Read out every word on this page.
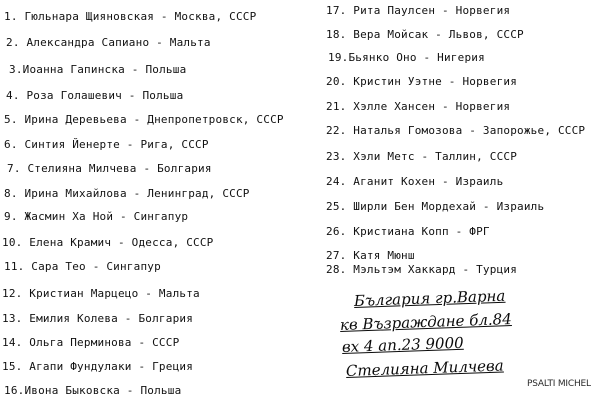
1. Гюльнара Щияновская - Москва, СССР
2. Александра Сапиано - Мальта
3.Иоанна Гапинска - Польша
4. Роза Голашевич - Польша
5. Ирина Деревьева - Днепропетровск, СССР
6. Синтия Йенерте - Рига, СССР
7. Стелияна Милчева - Болгария
8. Ирина Михайлова - Ленинград, СССР
9. Жасмин Ха Ной - Сингапур
10. Елена Крамич - Одесса, СССР
11. Сара Тео - Сингапур
12. Кристиан Марцецо - Мальта
13. Емилия Колева - Болгария
14. Ольга Перминова - СССР
15. Агапи Фундулаки - Греция
16.Ивона Быковска - Польша
17. Рита Паулсен - Норвегия
18. Вера Мойсак - Львов, СССР
19.Бьянко Оно - Нигерия
20. Кристин Уэтне - Норвегия
21. Хэлле Хансен - Норвегия
22. Наталья Гомозова - Запорожье, СССР
23. Хэли Метс - Таллин, СССР
24. Аганит Кохен - Израиль
25. Ширли Бен Мордехай - Израиль
26. Кристиана Копп - ФРГ
27. Катя Мюнш
28. Мэльтэм Хаккард - Турция
България гр.Варна
кв Възраждане бл.84
вх 4 ап.23 9000
Стелияна Милчева
PSALTI MICHEL
